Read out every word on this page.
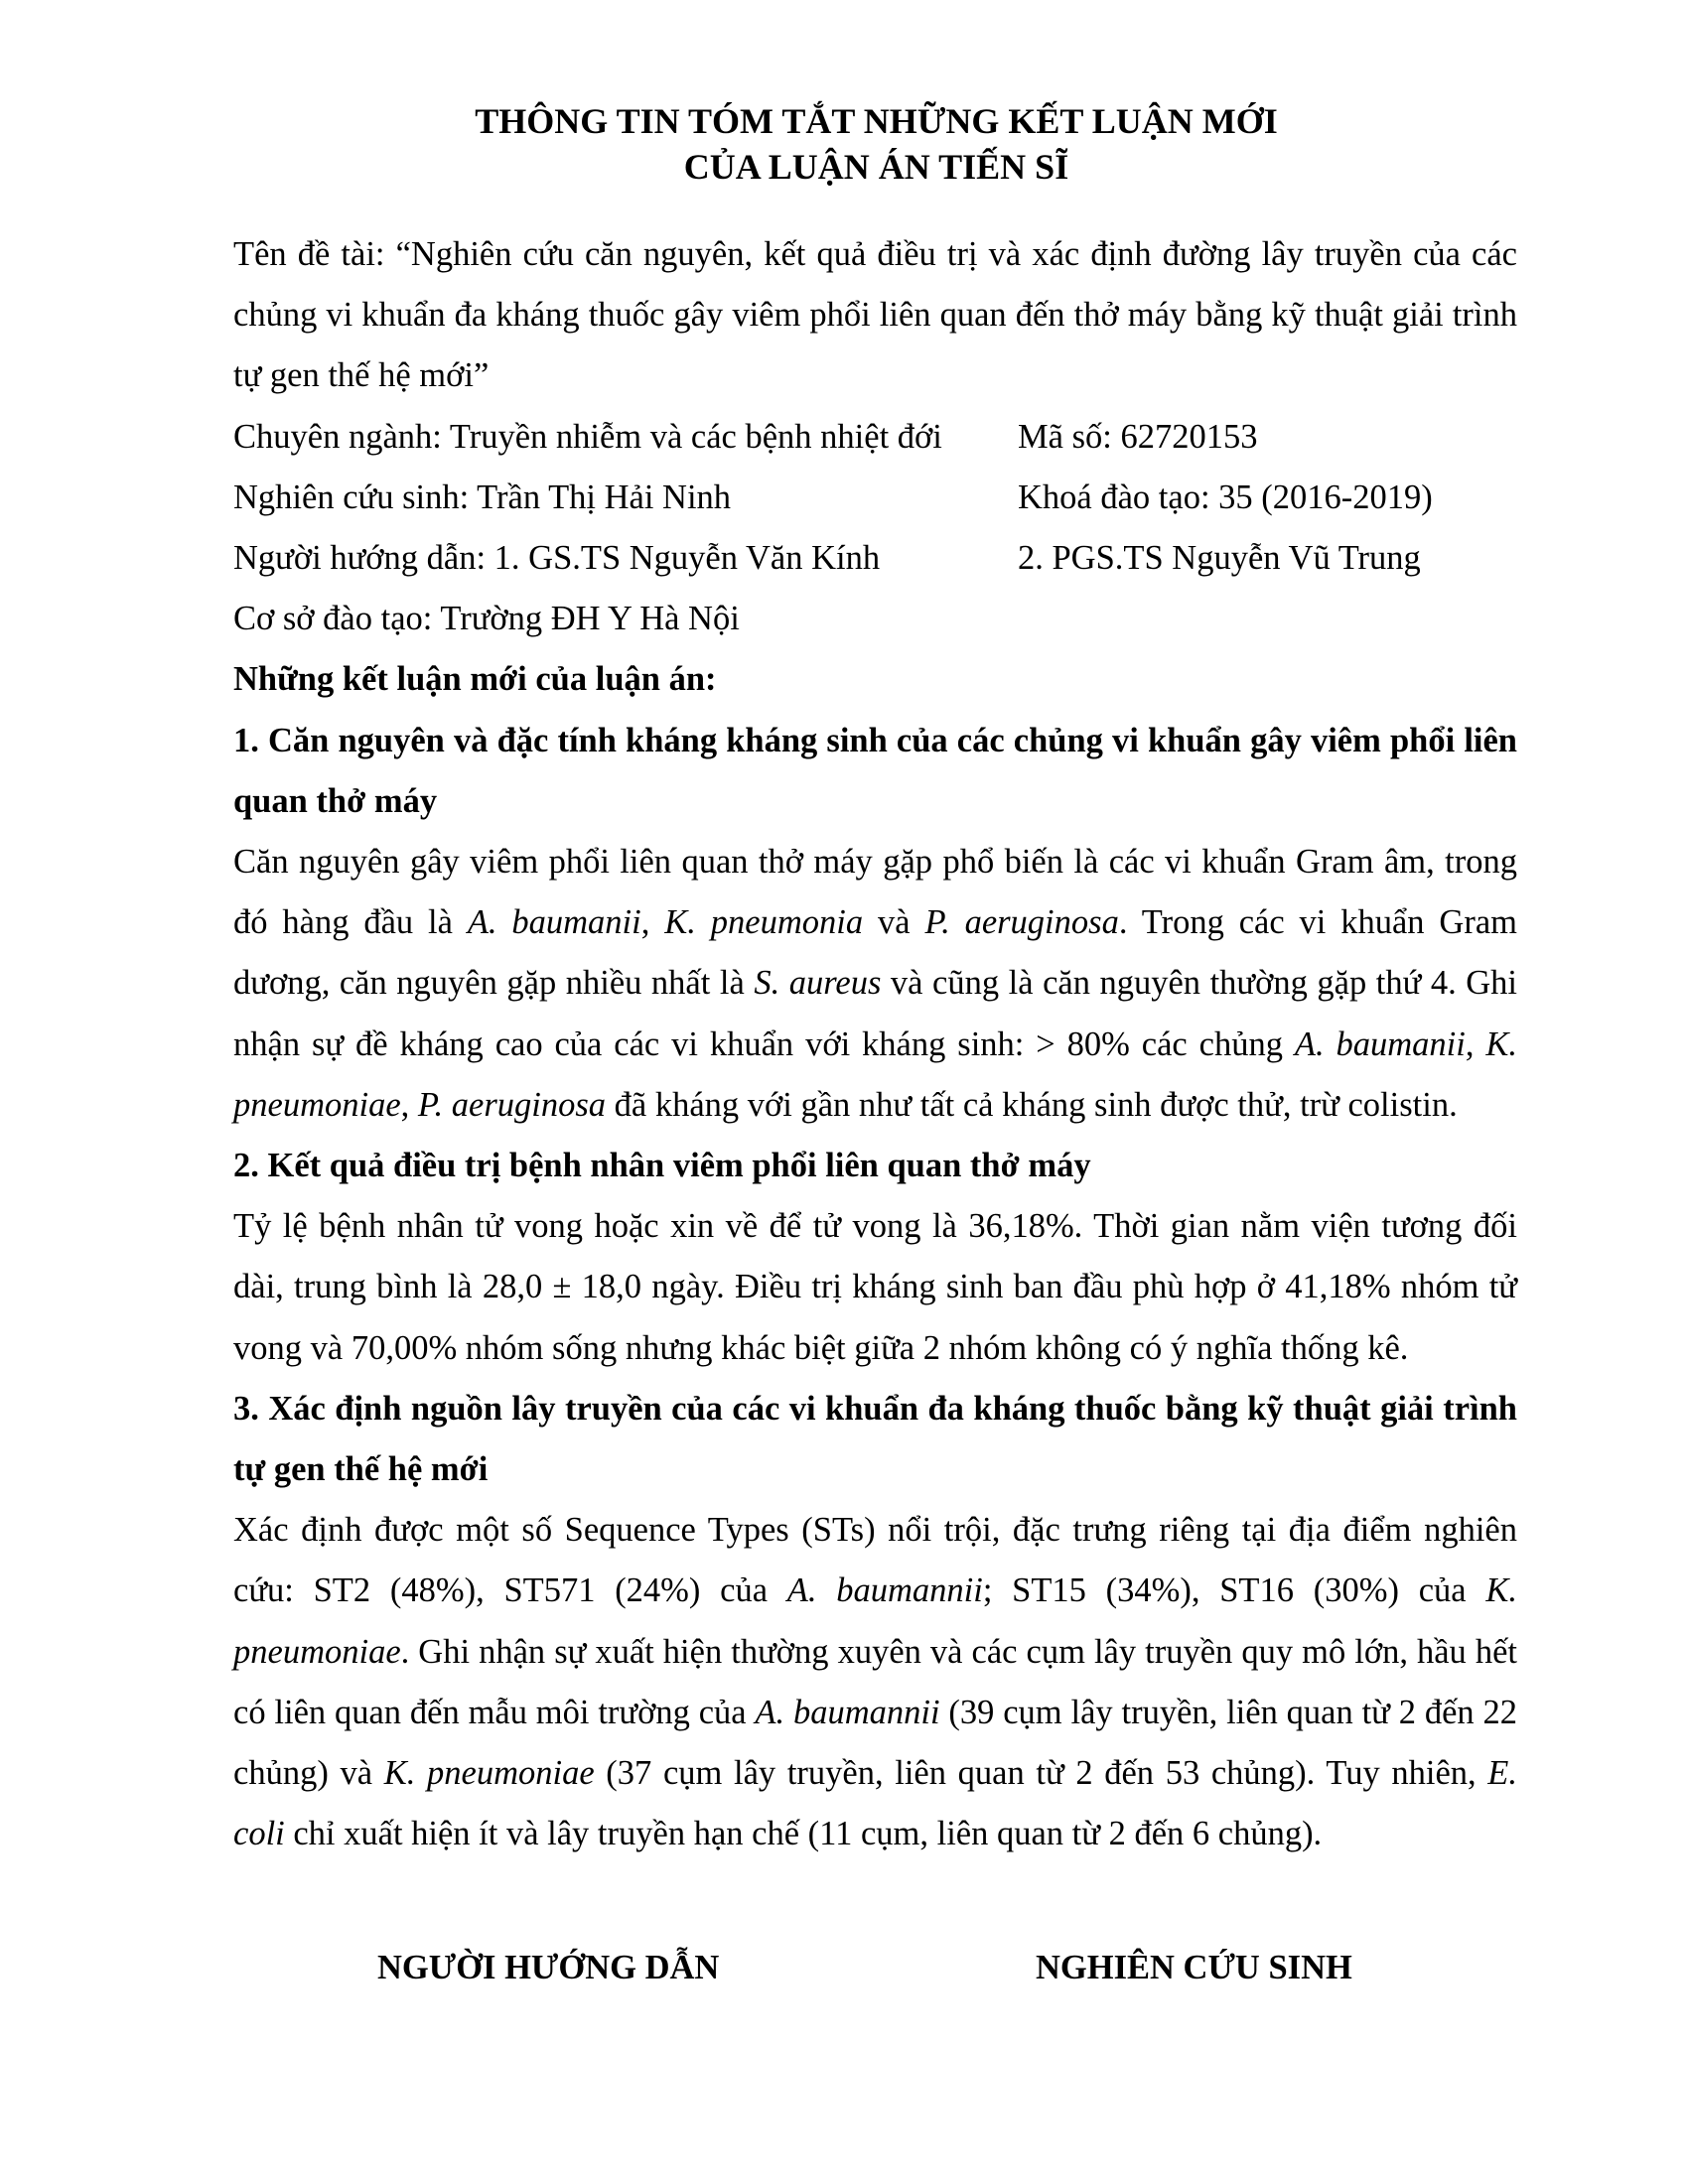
THÔNG TIN TÓM TẮT NHỮNG KẾT LUẬN MỚI
CỦA LUẬN ÁN TIẾN SĨ

Tên đề tài: “Nghiên cứu căn nguyên, kết quả điều trị và xác định đường lây truyền của các chủng vi khuẩn đa kháng thuốc gây viêm phổi liên quan đến thở máy bằng kỹ thuật giải trình tự gen thế hệ mới”

Chuyên ngành: Truyền nhiễm và các bệnh nhiệt đới	Mã số: 62720153
Nghiên cứu sinh: Trần Thị Hải Ninh	Khoá đào tạo: 35 (2016-2019)
Người hướng dẫn: 1. GS.TS Nguyễn Văn Kính	2. PGS.TS Nguyễn Vũ Trung

Cơ sở đào tạo: Trường ĐH Y Hà Nội

Những kết luận mới của luận án:

1. Căn nguyên và đặc tính kháng kháng sinh của các chủng vi khuẩn gây viêm phổi liên quan thở máy

Căn nguyên gây viêm phổi liên quan thở máy gặp phổ biến là các vi khuẩn Gram âm, trong đó hàng đầu là A. baumanii, K. pneumonia và P. aeruginosa. Trong các vi khuẩn Gram dương, căn nguyên gặp nhiều nhất là S. aureus và cũng là căn nguyên thường gặp thứ 4. Ghi nhận sự đề kháng cao của các vi khuẩn với kháng sinh: > 80% các chủng A. baumanii, K. pneumoniae, P. aeruginosa đã kháng với gần như tất cả kháng sinh được thử, trừ colistin.

2. Kết quả điều trị bệnh nhân viêm phổi liên quan thở máy

Tỷ lệ bệnh nhân tử vong hoặc xin về để tử vong là 36,18%. Thời gian nằm viện tương đối dài, trung bình là 28,0 ± 18,0 ngày. Điều trị kháng sinh ban đầu phù hợp ở 41,18% nhóm tử vong và 70,00% nhóm sống nhưng khác biệt giữa 2 nhóm không có ý nghĩa thống kê.

3. Xác định nguồn lây truyền của các vi khuẩn đa kháng thuốc bằng kỹ thuật giải trình tự gen thế hệ mới

Xác định được một số Sequence Types (STs) nổi trội, đặc trưng riêng tại địa điểm nghiên cứu: ST2 (48%), ST571 (24%) của A. baumannii; ST15 (34%), ST16 (30%) của K. pneumoniae. Ghi nhận sự xuất hiện thường xuyên và các cụm lây truyền quy mô lớn, hầu hết có liên quan đến mẫu môi trường của A. baumannii (39 cụm lây truyền, liên quan từ 2 đến 22 chủng) và K. pneumoniae (37 cụm lây truyền, liên quan từ 2 đến 53 chủng). Tuy nhiên, E. coli chỉ xuất hiện ít và lây truyền hạn chế (11 cụm, liên quan từ 2 đến 6 chủng).

NGƯỜI HƯỚNG DẪN	NGHIÊN CỨU SINH
